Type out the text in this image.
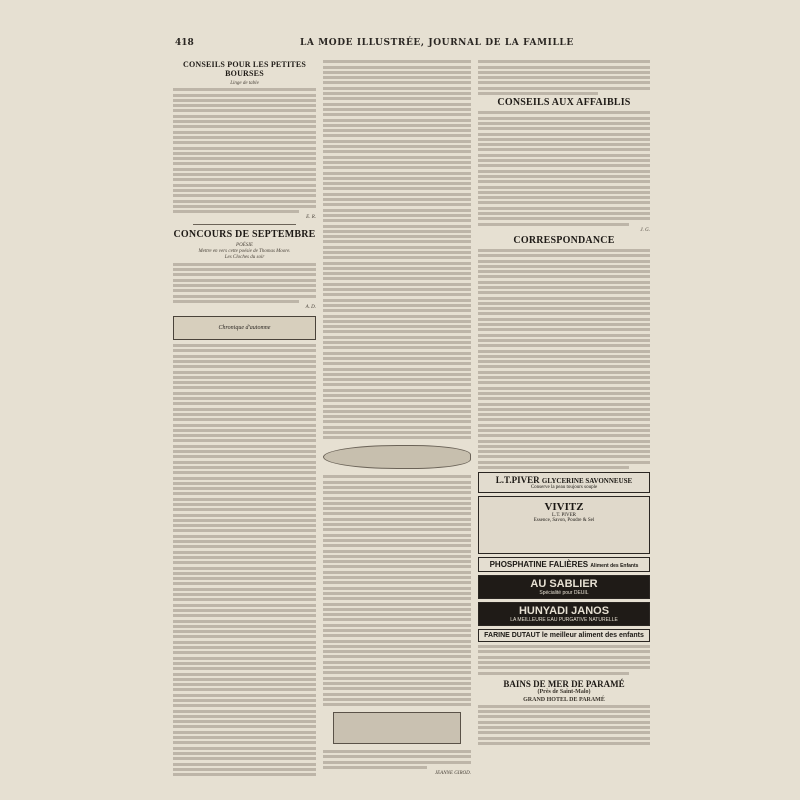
418	LA MODE ILLUSTRÉE, JOURNAL DE LA FAMILLE
CONSEILS POUR LES PETITES BOURSES
Linge de table
E. R.
CONCOURS DE SEPTEMBRE
POÉSIE
Mettre en vers cette poésie de Thomas Moore.
Les Cloches du soir
A. D.
Chronique d'automne
JEANNE GIROD.
CONSEILS AUX AFFAIBLIS
J. G.
CORRESPONDANCE
L.T.PIVER GLYCERINE SAVONNEUSE
Conserve la peau toujours souple
VIVITZ
L.T. PIVER
Essence, Savon, Poudre & Sel
PHOSPHATINE FALIÈRES Aliment des Enfants
AU SABLIER
Spécialité pour DEUIL
HUNYADI JANOS
LA MEILLEURE EAU PURGATIVE NATURELLE
FARINE DUTAUT le meilleur aliment des enfants
BAINS DE MER DE PARAMÉ
(Près de Saint-Malo)
GRAND HOTEL DE PARAMÉ
